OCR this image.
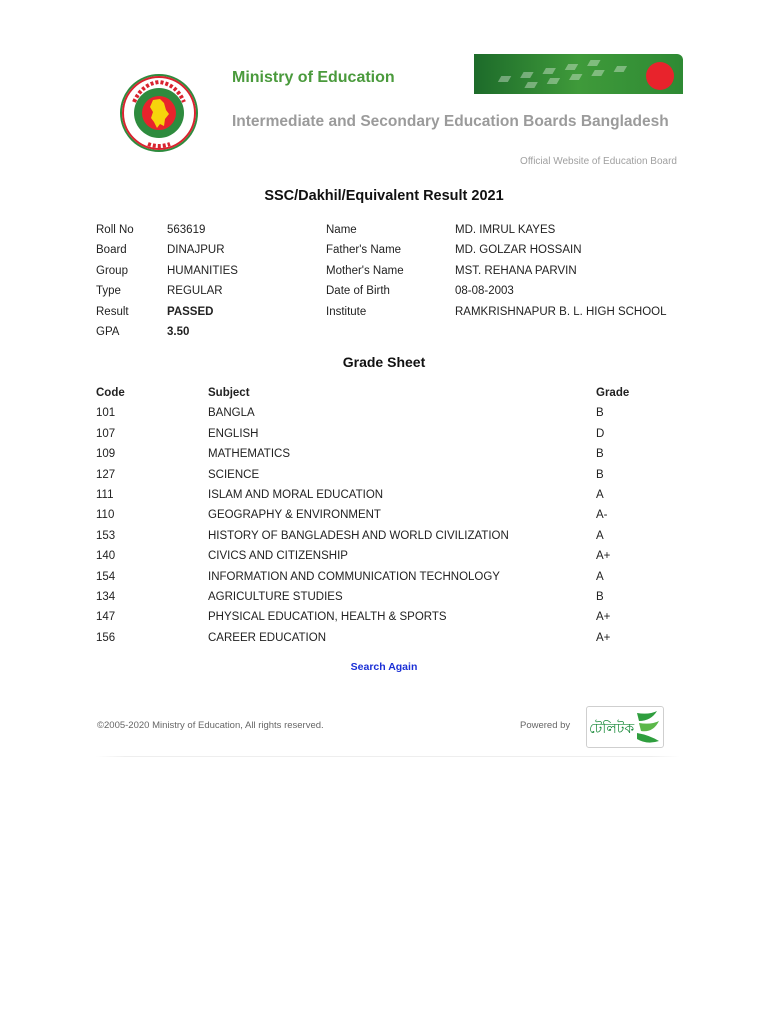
Ministry of Education
Intermediate and Secondary Education Boards Bangladesh
Official Website of Education Board
SSC/Dakhil/Equivalent Result 2021
Roll No	563619	Name	MD. IMRUL KAYES
Board	DINAJPUR	Father's Name	MD. GOLZAR HOSSAIN
Group	HUMANITIES	Mother's Name	MST. REHANA PARVIN
Type	REGULAR	Date of Birth	08-08-2003
Result	PASSED	Institute	RAMKRISHNAPUR B. L. HIGH SCHOOL
GPA	3.50
Grade Sheet
Code	Subject	Grade
101	BANGLA	B
107	ENGLISH	D
109	MATHEMATICS	B
127	SCIENCE	B
111	ISLAM AND MORAL EDUCATION	A
110	GEOGRAPHY & ENVIRONMENT	A-
153	HISTORY OF BANGLADESH AND WORLD CIVILIZATION	A
140	CIVICS AND CITIZENSHIP	A+
154	INFORMATION AND COMMUNICATION TECHNOLOGY	A
134	AGRICULTURE STUDIES	B
147	PHYSICAL EDUCATION, HEALTH & SPORTS	A+
156	CAREER EDUCATION	A+
Search Again
©2005-2020 Ministry of Education, All rights reserved.	Powered by টেলিটক
